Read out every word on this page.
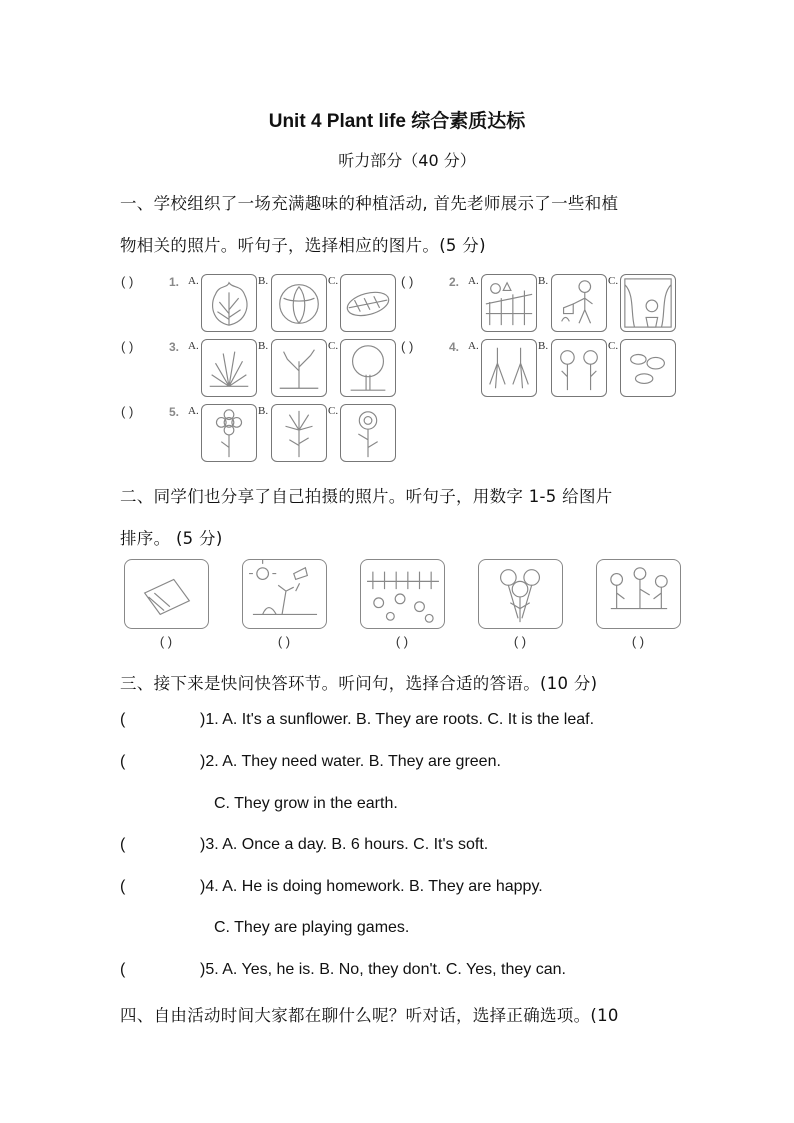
Unit 4 Plant life 综合素质达标
听力部分（40 分）
一、学校组织了一场充满趣味的种植活动, 首先老师展示了一些和植
物相关的照片。听句子，选择相应的图片。(5 分)
( )	1. A.	B.	C.	( )	2. A.	B.	C.
( )	3. A.	B.	C.	( )	4. A.	B.	C.
( )	5. A.	B.	C.
二、同学们也分享了自己拍摄的照片。听句子，用数字 1-5 给图片
排序。 (5 分)
( )	( )	( )	( )	( )
三、接下来是快问快答环节。听问句，选择合适的答语。(10 分)
(	)1. A. It's a sunflower. B. They are roots. C. It is the leaf.
(	)2. A. They need water. B. They are green.
C. They grow in the earth.
(	)3. A. Once a day. B. 6 hours. C. It's soft.
(	)4. A. He is doing homework. B. They are happy.
C. They are playing games.
(	)5. A. Yes, he is. B. No, they don't. C. Yes, they can.
四、自由活动时间大家都在聊什么呢？听对话，选择正确选项。(10
